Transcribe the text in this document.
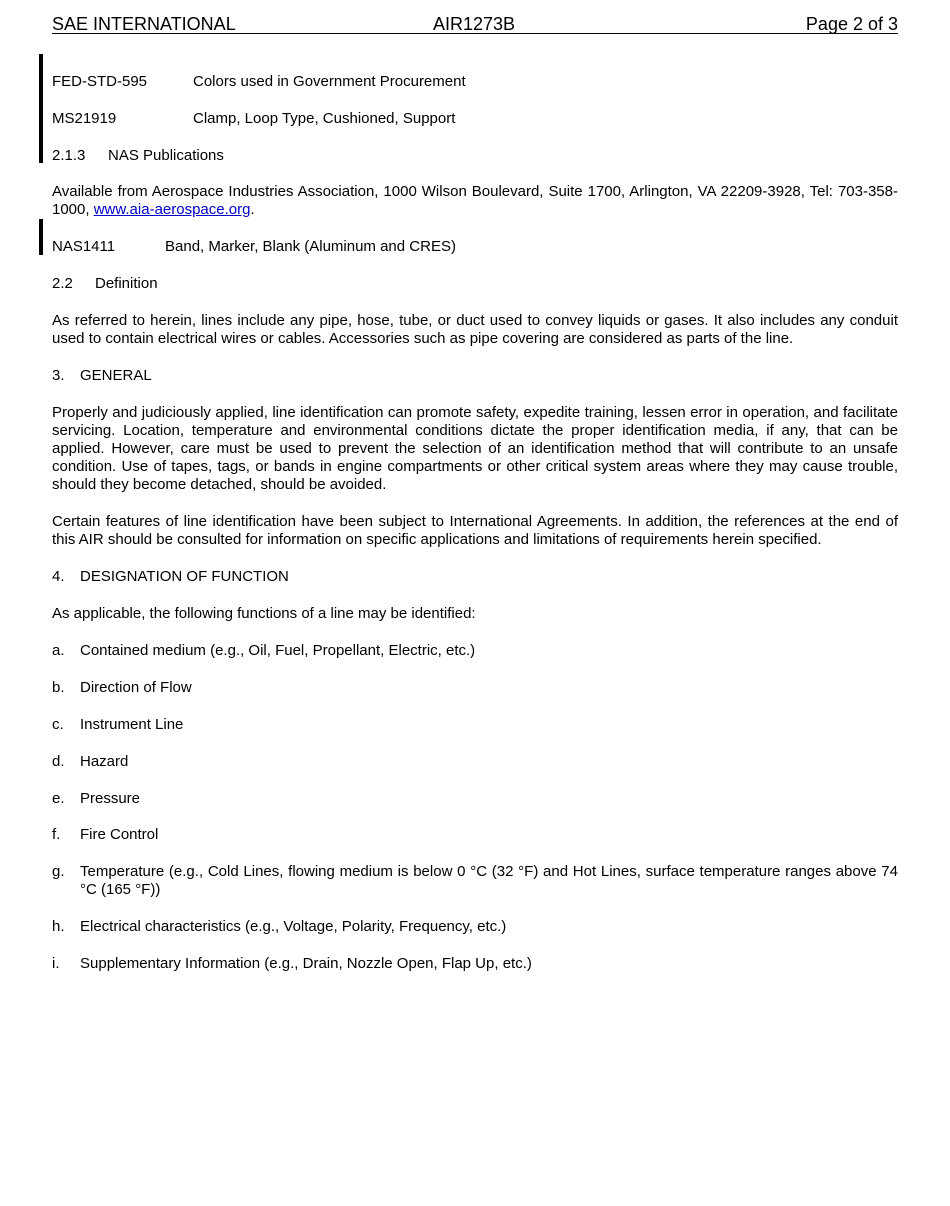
SAE INTERNATIONAL	AIR1273B	Page 2 of 3
FED-STD-595	Colors used in Government Procurement
MS21919	Clamp, Loop Type, Cushioned, Support
2.1.3 NAS Publications
Available from Aerospace Industries Association, 1000 Wilson Boulevard, Suite 1700, Arlington, VA 22209-3928, Tel: 703-358-1000, www.aia-aerospace.org.
NAS1411	Band, Marker, Blank (Aluminum and CRES)
2.2 Definition
As referred to herein, lines include any pipe, hose, tube, or duct used to convey liquids or gases. It also includes any conduit used to contain electrical wires or cables. Accessories such as pipe covering are considered as parts of the line.
3. GENERAL
Properly and judiciously applied, line identification can promote safety, expedite training, lessen error in operation, and facilitate servicing. Location, temperature and environmental conditions dictate the proper identification media, if any, that can be applied. However, care must be used to prevent the selection of an identification method that will contribute to an unsafe condition. Use of tapes, tags, or bands in engine compartments or other critical system areas where they may cause trouble, should they become detached, should be avoided.
Certain features of line identification have been subject to International Agreements. In addition, the references at the end of this AIR should be consulted for information on specific applications and limitations of requirements herein specified.
4. DESIGNATION OF FUNCTION
As applicable, the following functions of a line may be identified:
a. Contained medium (e.g., Oil, Fuel, Propellant, Electric, etc.)
b. Direction of Flow
c. Instrument Line
d. Hazard
e. Pressure
f. Fire Control
g. Temperature (e.g., Cold Lines, flowing medium is below 0 °C (32 °F) and Hot Lines, surface temperature ranges above 74 °C (165 °F))
h. Electrical characteristics (e.g., Voltage, Polarity, Frequency, etc.)
i. Supplementary Information (e.g., Drain, Nozzle Open, Flap Up, etc.)
